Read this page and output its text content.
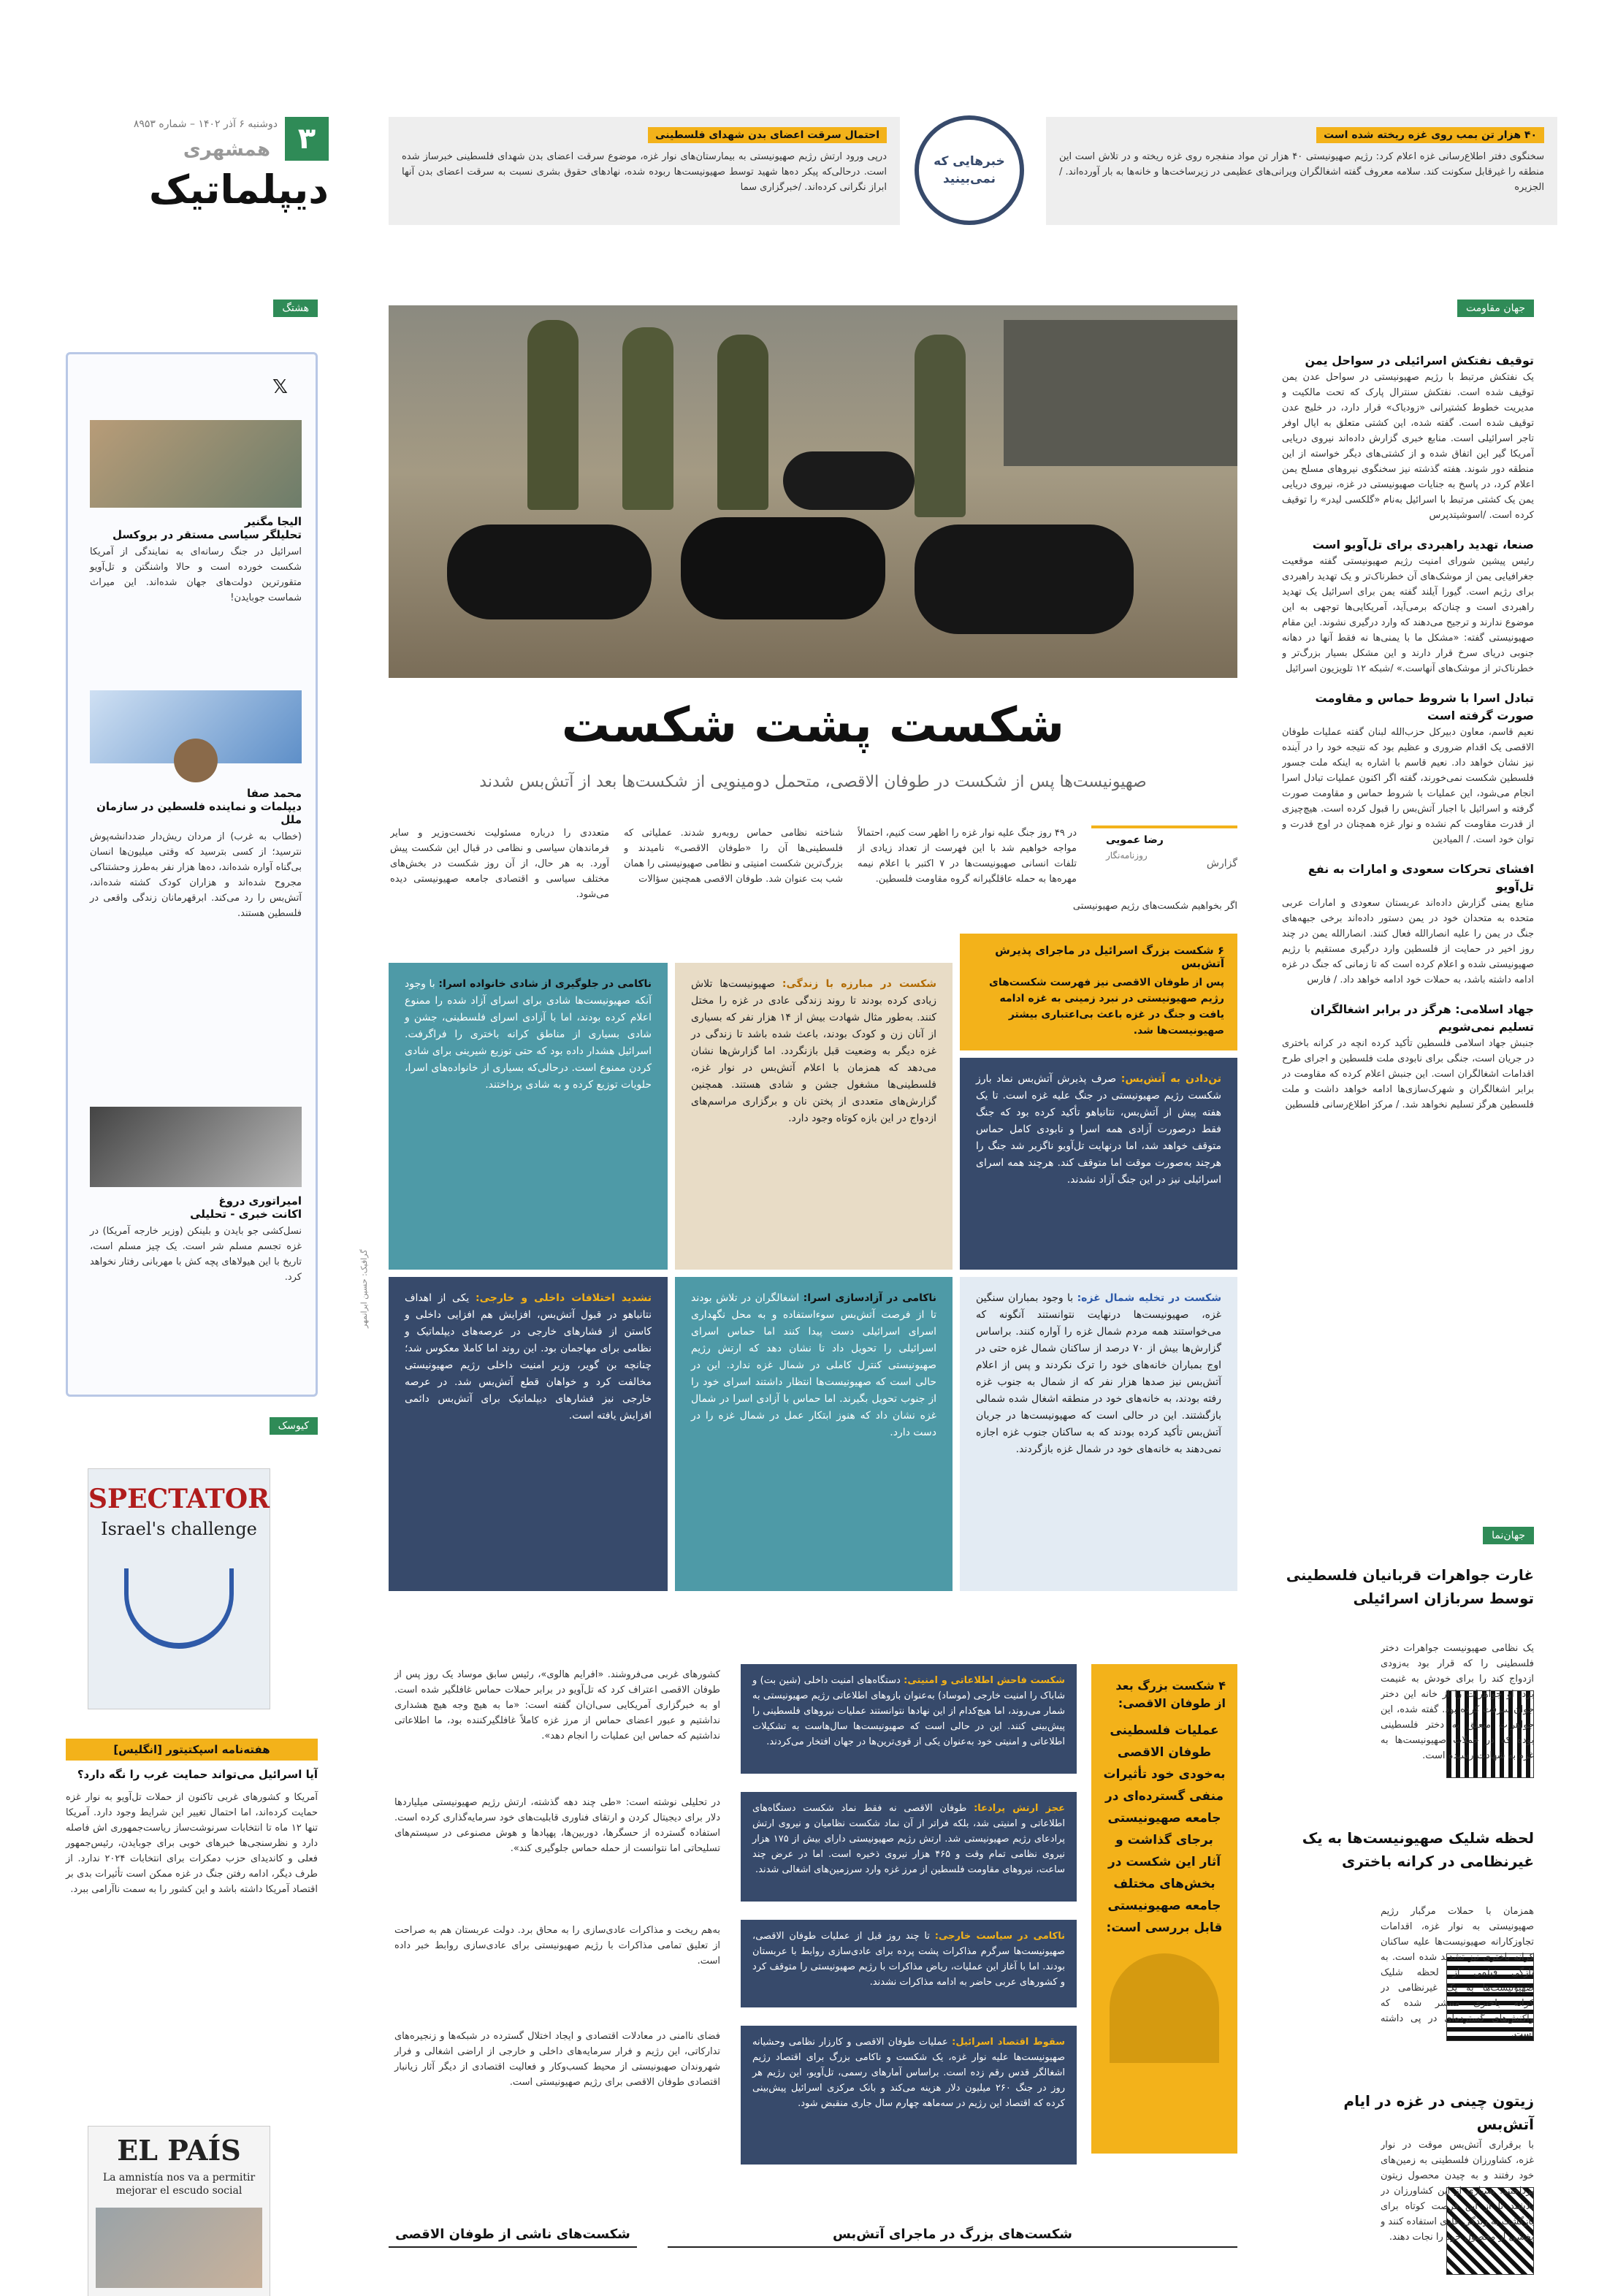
۳
دوشنبه ۶ آذر ۱۴۰۲ – شماره ۸۹۵۳
همشهری
دیپلماتیک
۴۰ هزار تن بمب روی غزه ریخته شده است
سخنگوی دفتر اطلاع‌رسانی غزه اعلام کرد: رژیم صهیونیستی ۴۰ هزار تن مواد منفجره روی غزه ریخته و در تلاش است این منطقه را غیرقابل سکونت کند. سلامه معروف گفته اشغالگران ویرانی‌های عظیمی در زیرساخت‌ها و خانه‌ها به بار آورده‌اند. / الجزیره
خبرهایی که نمی‌بینید
احتمال سرقت اعضای بدن شهدای فلسطینی
درپی ورود ارتش رژیم صهیونیستی به بیمارستان‌های نوار غزه، موضوع سرقت اعضای بدن شهدای فلسطینی خبرساز شده است. درحالی‌که پیکر ده‌ها شهید توسط صهیونیست‌ها ربوده شده، نهادهای حقوق بشری نسبت به سرقت اعضای بدن آنها ابراز نگرانی کرده‌اند. /خبرگزاری سما
هشتگ
𝕏
الیجا مگنیر
تحلیلگر سیاسی مستقر در بروکسل
اسرائیل در جنگ رسانه‌ای به نمایندگی از آمریکا شکست خورده است و حالا واشنگتن و تل‌آویو متقورترین دولت‌های جهان شده‌اند. این میراث شماست جوبایدن!
محمد صفا
دیپلمات و نماینده فلسطین در سازمان ملل
(خطاب به غرب) از مردان ریش‌دار ضددانشه‌پوش نترسید؛ از کسی بترسید که وقتی میلیون‌ها انسان بی‌گناه آواره شده‌اند، ده‌ها هزار نفر به‌طرز وحشتناکی مجروح شده‌اند و هزاران کودک کشته شده‌اند، آتش‌بس را رد می‌کند. ابرقهرمانان زندگی واقعی در فلسطین هستند.
امیراتوری دروغ
اکانت خبری - تحلیلی
نسل‌کشی جو بایدن و بلینکن (وزیر خارجه آمریکا) در غزه تجسم مسلم شر است. یک چیز مسلم است، تاریخ با این هیولاهای پچه کش با مهربانی رفتار نخواهد کرد.
کیوسک
SPECTATOR
Israel's challenge
هفته‌نامه اسپکتیتور [انگلیس]
آیا اسرائیل می‌تواند حمایت غرب را نگه دارد؟
آمریکا و کشورهای غربی تاکنون از حملات تل‌آویو به نوار غزه حمایت کرده‌اند، اما احتمال تغییر این شرایط وجود دارد. آمریکا تنها ۱۲ ماه تا انتخابات سرنوشت‌ساز ریاست‌جمهوری اش فاصله دارد و نظرسنجی‌ها خبرهای خوبی برای جوبایدن، رئیس‌جمهور فعلی و کاندیدای حزب دمکرات برای انتخابات ۲۰۲۴ ندارد. از طرف دیگر، ادامه رفتن جنگ در غزه ممکن است تأثیرات بدی بر اقتصاد آمریکا داشته باشد و این کشور را به سمت ناآرامی ببرد.
EL PAÍS
La amnistía nos va a permitir mejorar el escudo social
شکست پشت شکست
صهیونیست‌ها پس از شکست در طوفان الاقصی، متحمل دومینویی از شکست‌ها بعد از آتش‌بس شدند
گزارش
رضا عمویی
روزنامه‌نگار
اگر بخواهیم شکست‌های رژیم صهیونیستی
در ۴۹ روز جنگ علیه نوار غزه را اظهر ست کنیم، احتمالاً مواجه خواهیم شد با این فهرست از تعداد زیادی از تلفات انسانی صهیونیست‌ها در ۷ اکتبر با اعلام نیمه مهره‌ها به حمله عاقلگیرانه گروه مقاومت فلسطین.
شناخته نظامی حماس روبه‌رو شدند. عملیاتی که فلسطینی‌ها آن را «طوفان الاقصی» نامیدند و بزرگ‌ترین شکست امنیتی و نظامی صهیونیستی را همان شب بت عنوان شد. طوفان الاقصی همچنین سؤالات
متعددی را درباره مسئولیت نخست‌وزیر و سایر فرماندهان سیاسی و نظامی در قبال این شکست پیش آورد. به هر حال، از آن روز شکست در بخش‌های مختلف سیاسی و اقتصادی جامعه صهیونیستی دیده می‌شود.
۶ شکست بزرگ اسرائیل در ماجرای پذیرش آتش‌بس
پس از طوفان الاقصی نیز فهرست شکست‌های رژیم صهیونیستی در نبرد زمینی به غزه ادامه یافت و جنگ در غزه باعث بی‌اعتباری بیشتر صهیونیست‌ها شد.
تن‌دادن به آتش‌بس: صرف پذیرش آتش‌بس نماد بارز شکست رژیم صهیونیستی در جنگ علیه غزه است. تا یک هفته پیش از آتش‌بس، نتانیاهو تأکید کرده بود که جنگ فقط درصورت آزادی همه اسرا و نابودی کامل حماس متوقف خواهد شد، اما درنهایت تل‌آویو ناگزیر شد جنگ را هرچند به‌صورت موقت اما متوقف کند. هرچند همه اسرای اسرائیلی نیز در این جنگ آزاد نشدند.
شکست در مبارزه با زندگی: صهیونیست‌ها تلاش زیادی کرده بودند تا روند زندگی عادی در غزه را مختل کنند. به‌طور مثال شهادت بیش از ۱۴ هزار نفر که بسیاری از آنان زن و کودک بودند، باعث شده باشد تا زندگی در غزه دیگر به وضعیت قبل بازنگردد. اما گزارش‌ها نشان می‌دهد که همزمان با اعلام آتش‌بس در نوار غزه، فلسطینی‌ها مشغول جشن و شادی هستند. همچنین گزارش‌های متعددی از پختن نان و برگزاری مراسم‌های ازدواج در این بازه کوتاه وجود دارد.
ناکامی در جلوگیری از شادی خانواده اسرا: با وجود آنکه صهیونیست‌ها شادی برای اسرای آزاد شده را ممنوع اعلام کرده بودند، اما با آزادی اسرای فلسطینی، جشن و شادی بسیاری از مناطق کرانه باختری را فراگرفت. اسرائیل هشدار داده بود که حتی توزیع شیرینی برای شادی کردن ممنوع است. درحالی‌که بسیاری از خانواده‌های اسرا، حلویات توزیع کرده و به شادی پرداختند.
شکست در تخلیه شمال غزه: با وجود بمباران سنگین غزه، صهیونیست‌ها درنهایت نتوانستند آنگونه که می‌خواستند همه مردم شمال غزه را آواره کنند. براساس گزارش‌ها بیش از ۷۰ درصد از ساکنان شمال غزه حتی در اوج بمباران خانه‌های خود را ترک نکردند و پس از اعلام آتش‌بس نیز صدها هزار نفر که از شمال به جنوب غزه رفته بودند، به خانه‌های خود در منطقه اشغال شده شمالی بازگشتند. این در حالی است که صهیونیست‌ها در جریان آتش‌بس تأکید کرده بودند که به ساکنان جنوب غزه اجازه نمی‌دهند به خانه‌های خود در شمال غزه بازگردند.
ناکامی در آزادسازی اسرا: اشغالگران در تلاش بودند تا از فرصت آتش‌بس سوءاستفاده و به محل نگهداری اسرای اسرائیلی دست پیدا کنند اما حماس اسرای اسرائیلی را تحویل داد تا نشان دهد که ارتش رژیم صهیونیستی کنترل کاملی در شمال غزه ندارد. این در حالی است که صهیونیست‌ها انتظار داشتند اسرای خود را از جنوب تحویل بگیرند. اما حماس با آزادی اسرا در شمال غزه نشان داد که هنوز ابتکار عمل در شمال غزه را در دست دارد.
تشدید اختلافات داخلی و خارجی: یکی از اهداف نتانیاهو در قبول آتش‌بس، افزایش هم افزایی داخلی و کاستن از فشارهای خارجی در عرصه‌های دیپلماتیک و نظامی برای مهاجمان بود. این روند اما کاملا معکوس شد؛ چنانچه بن گویر، وزیر امنیت داخلی رژیم صهیونیستی مخالفت کرد و خواهان قطع آتش‌بس شد. در عرصه خارجی نیز فشارهای دیپلماتیک برای آتش‌بس دائمی افزایش یافته است.
۴ شکست بزرگ بعد از طوفان الاقصی:
عملیات فلسطینی طوفان الاقصی به‌خودی خود تأثیرات منفی گسترده‌ای در جامعه صهیونیستی برجای گذاشت و آثار این شکست در بخش‌های مختلف جامعه صهیونیستی قابل بررسی است:
شکست فاحش اطلاعاتی و امنیتی: دستگاه‌های امنیت داخلی (شین بت) و شاباک را امنیت خارجی (موساد) به‌عنوان بازوهای اطلاعاتی رژیم صهیونیستی به شمار می‌روند، اما هیچ‌کدام از این نهادها نتوانستند عملیات نیروهای فلسطینی را پیش‌بینی کنند. این در حالی است که صهیونیست‌ها سال‌هاست به تشکیلات اطلاعاتی و امنیتی خود به‌عنوان یکی از قوی‌ترین‌ها در جهان افتخار می‌کردند.
کشورهای غربی می‌فروشند. «افرایم هالوی»، رئیس سابق موساد یک روز پس از طوفان الاقصی اعتراف کرد که تل‌آویو در برابر حملات حماس غافلگیر شده است. او به خبرگزاری آمریکایی سی‌ان‌ان گفته است: «ما به هیچ وجه هیچ هشداری نداشتیم و عبور اعضای حماس از مرز غزه کاملاً غافلگیرکننده بود، ما اطلاعاتی نداشتیم که حماس این عملیات را انجام دهد».
عجز ارتش پرادعا: طوفان الاقصی نه فقط نماد شکست دستگاه‌های اطلاعاتی و امنیتی شد، بلکه فراتر از آن نماد شکست نظامیان و نیروی ارتش پرادعای رژیم صهیونیستی شد. ارتش رژیم صهیونیستی دارای بیش از ۱۷۵ هزار نیروی نظامی تمام وقت و ۴۶۵ هزار نیروی ذخیره است. اما در عرض چند ساعت، نیروهای مقاومت فلسطین از مرز غزه وارد سرزمین‌های اشغالی شدند.
در تحلیلی نوشته است: «طی چند دهه گذشته، ارتش رژیم صهیونیستی میلیاردها دلار برای دیجیتال کردن و ارتقای فناوری قابلیت‌های خود سرمایه‌گذاری کرده است. استفاده گسترده از حسگرها، دوربین‌ها، پهپادها و هوش مصنوعی در سیستم‌های تسلیحاتی اما نتوانست از حمله حماس جلوگیری کند».
ناکامی در سیاست خارجی: تا چند روز قبل از عملیات طوفان الاقصی، صهیونیست‌ها سرگرم مذاکرات پشت پرده برای عادی‌سازی روابط با عربستان بودند. اما با آغاز این عملیات، ریاض مذاکرات با رژیم صهیونیستی را متوقف کرد و کشورهای عربی حاضر به ادامه مذاکرات نشدند.
به‌هم ریخت و مذاکرات عادی‌سازی را به محاق برد. دولت عربستان هم به صراحت از تعلیق تمامی مذاکرات با رژیم صهیونیستی برای عادی‌سازی روابط خبر داده است.
سقوط اقتصاد اسرائیل: عملیات طوفان الاقصی و کارزار نظامی وحشیانه صهیونیست‌ها علیه نوار غزه، یک شکست و ناکامی بزرگ برای اقتصاد رژیم اشغالگر قدس رقم زده است. براساس آمارهای رسمی، تل‌آویو، این رژیم هر روز در جنگ ۲۶۰ میلیون دلار هزینه می‌کند و بانک مرکزی اسرائیل پیش‌بینی کرده که اقتصاد این رژیم در سه‌ماهه چهارم سال جاری منقبض شود.
فضای ناامنی در معادلات اقتصادی و ایجاد اختلال گسترده در شبکه‌ها و زنجیره‌های تدارکاتی، این رژیم و فرار سرمایه‌های داخلی و خارجی از اراضی اشغالی و فرار شهروندان صهیونیستی از محیط کسب‌وکار و فعالیت اقتصادی از دیگر آثار زیانبار اقتصادی طوفان الاقصی برای رژیم صهیونیستی است.
شکست‌های ناشی از طوفان الاقصی	شکست‌های بزرگ در ماجرای آتش‌بس
گرافیک: حسین ایرانمهر
جهان مقاومت
توقیف نفتکش اسرائیلی در سواحل یمن
یک نفتکش مرتبط با رژیم صهیونیستی در سواحل عدن یمن توقیف شده است. نفتکش سنترال پارک که تحت مالکیت و مدیریت خطوط کشتیرانی «زودیاک» قرار دارد، در خلیج عدن توقیف شده است. گفته شده، این کشتی متعلق به ایال اوفر تاجر اسرائیلی است. منابع خبری گزارش داده‌اند نیروی دریایی آمریکا گیر این اتفاق شده و از کشتی‌های دیگر خواسته از این منطقه دور شوند. هفته گذشته نیز سخنگوی نیروهای مسلح یمن اعلام کرد، در پاسخ به جنایات صهیونیستی در غزه، نیروی دریایی یمن یک کشتی مرتبط با اسرائیل به‌نام «گلکسی لیدر» را توقیف کرده است. /اسوشیتدپرس
صنعا، تهدید راهبردی برای تل‌آویو است
رئیس پیشین شورای امنیت رژیم صهیونیستی گفته موقعیت جغرافیایی یمن از موشک‌های آن خطرناک‌تر و یک تهدید راهبردی برای رژیم است. گیورا آیلند گفته یمن برای اسرائیل یک تهدید راهبردی است و چنان‌که برمی‌آید، آمریکایی‌ها توجهی به این موضوع ندارند و ترجیح می‌دهند که وارد درگیری نشوند. این مقام صهیونیستی گفته: «مشکل ما با یمنی‌ها نه فقط آنها در دهانه جنوبی دریای سرخ قرار دارند و این مشکل بسیار بزرگ‌تر و خطرناک‌تر از موشک‌های آنهاست.» /شبکه ۱۲ تلویزیون اسرائیل
تبادل اسرا با شروط حماس و مقاومت صورت گرفته است
نعیم قاسم، معاون دبیرکل حزب‌الله لبنان گفته عملیات طوفان الاقصی یک اقدام ضروری و عظیم بود که نتیجه خود را در آینده نیز نشان خواهد داد. نعیم قاسم با اشاره به اینکه ملت جسور فلسطین شکست نمی‌خورند، گفته اگر اکنون عملیات تبادل اسرا انجام می‌شود، این عملیات با شروط حماس و مقاومت صورت گرفته و اسرائیل با اجبار آتش‌بس را قبول کرده است. هیچ‌چیزی از قدرت مقاومت کم نشده و نوار غزه همچنان در اوج قدرت و توان خود است. / المیادین
افشای تحرکات سعودی و امارات به نفع تل‌آویو
منابع یمنی گزارش داده‌اند عربستان سعودی و امارات عربی متحده به متحدان خود در یمن دستور داده‌اند برخی جبهه‌های جنگ در یمن را علیه انصارالله فعال کنند. انصارالله یمن در چند روز اخیر در حمایت از فلسطین وارد درگیری مستقیم با رژیم صهیونیستی شده و اعلام کرده است که تا زمانی که جنگ در غزه ادامه داشته باشد، به حملات خود ادامه خواهد داد. / فارس
جهاد اسلامی: هرگز در برابر اشغالگران تسلیم نمی‌شویم
جنبش جهاد اسلامی فلسطین تأکید کرده انچه در کرانه باختری در جریان است، جنگی برای نابودی ملت فلسطین و اجرای طرح اقدامات اشغالگران است. این جنبش اعلام کرده که مقاومت در برابر اشغالگران و شهرک‌سازی‌ها ادامه خواهد داشت و ملت فلسطین هرگز تسلیم نخواهد شد. / مرکز اطلاع‌رسانی فلسطین
جهان‌نما
غارت جواهرات قربانیان فلسطینی توسط سربازان اسرائیلی
یک نظامی صهیونیست جواهرات دختر فلسطینی را که قرار بود به‌زودی ازدواج کند را برای خودش به غنیمت برد. او جواهرات را از خانه این دختر جوان سرقت کرده بود. گفته شده، این جواهرات متعلق به دختر فلسطینی بوده که در حملات صهیونیست‌ها به غزه به شهادت رسیده است.
لحظه شلیک صهیونیست‌ها به یک غیرنظامی در کرانه باختری
همزمان با حملات مرگبار رژیم صهیونیستی به نوار غزه، اقدامات تجاوزکارانه صهیونیست‌ها علیه ساکنان کرانه باختری نیز تشدید شده است. به تازگی فیلمی از لحظه شلیک صهیونیست‌ها به یک غیرنظامی در کرانه باختری منتشر شده که واکنش‌های گسترده‌ای در پی داشته است.
زیتون چینی در غزه در ایام آتش‌بس
با برقراری آتش‌بس موقت در نوار غزه، کشاورزان فلسطینی به زمین‌های خود رفتند و به چیدن محصول زیتون پرداختند. بسیاری از این کشاورزان در تلاشند تا از این فرصت کوتاه برای بازگشت به زندگی عادی استفاده کنند و بخشی از محصول خود را نجات دهند.
